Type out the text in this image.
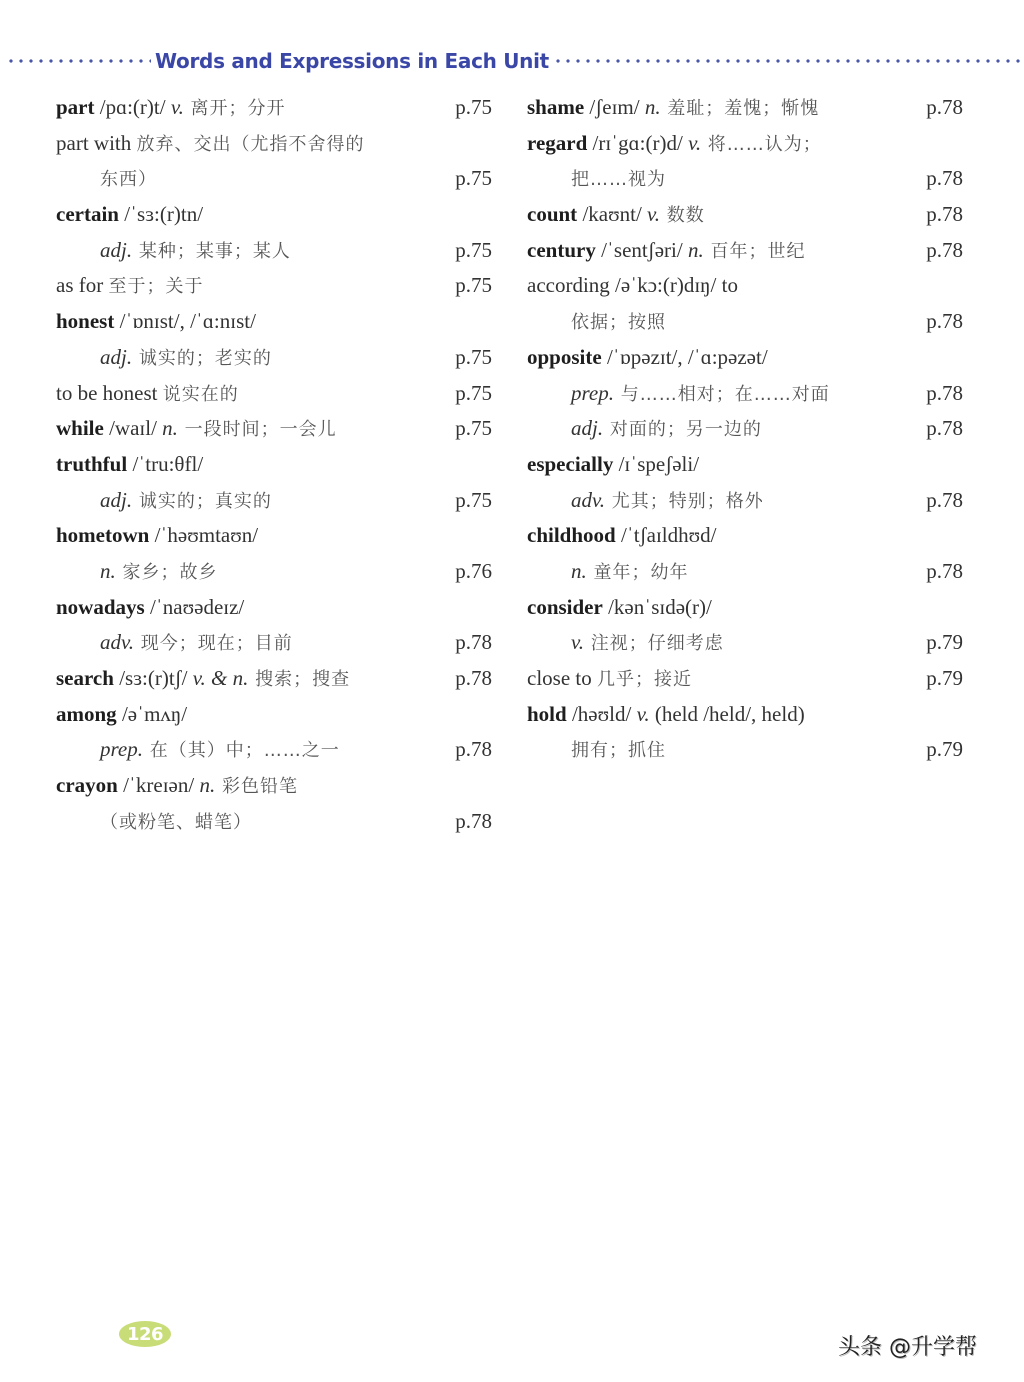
Words and Expressions in Each Unit
part /pɑ:(r)t/ v. 离开；分开	p.75
part with 放弃、交出（尤指不舍得的
东西）	p.75
certain /ˈsɜ:(r)tn/
adj. 某种；某事；某人	p.75
as for 至于；关于	p.75
honest /ˈɒnɪst/, /ˈɑ:nɪst/
adj. 诚实的；老实的	p.75
to be honest 说实在的	p.75
while /waɪl/ n. 一段时间；一会儿	p.75
truthful /ˈtru:θfl/
adj. 诚实的；真实的	p.75
hometown /ˈhəʊmtaʊn/
n. 家乡；故乡	p.76
nowadays /ˈnaʊədeɪz/
adv. 现今；现在；目前	p.78
search /sɜ:(r)tʃ/ v. & n. 搜索；搜查	p.78
among /əˈmʌŋ/
prep. 在（其）中；……之一	p.78
crayon /ˈkreɪən/ n. 彩色铅笔
（或粉笔、蜡笔）	p.78
shame /ʃeɪm/ n. 羞耻；羞愧；惭愧	p.78
regard /rɪˈgɑ:(r)d/ v. 将……认为；
把……视为	p.78
count /kaʊnt/ v. 数数	p.78
century /ˈsentʃəri/ n. 百年；世纪	p.78
according /əˈkɔ:(r)dɪŋ/ to
依据；按照	p.78
opposite /ˈɒpəzɪt/, /ˈɑ:pəzət/
prep. 与……相对；在……对面	p.78
adj. 对面的；另一边的	p.78
especially /ɪˈspeʃəli/
adv. 尤其；特别；格外	p.78
childhood /ˈtʃaɪldhʊd/
n. 童年；幼年	p.78
consider /kənˈsɪdə(r)/
v. 注视；仔细考虑	p.79
close to 几乎；接近	p.79
hold /həʊld/ v. (held /held/, held)
拥有；抓住	p.79
126
头条 @升学帮
